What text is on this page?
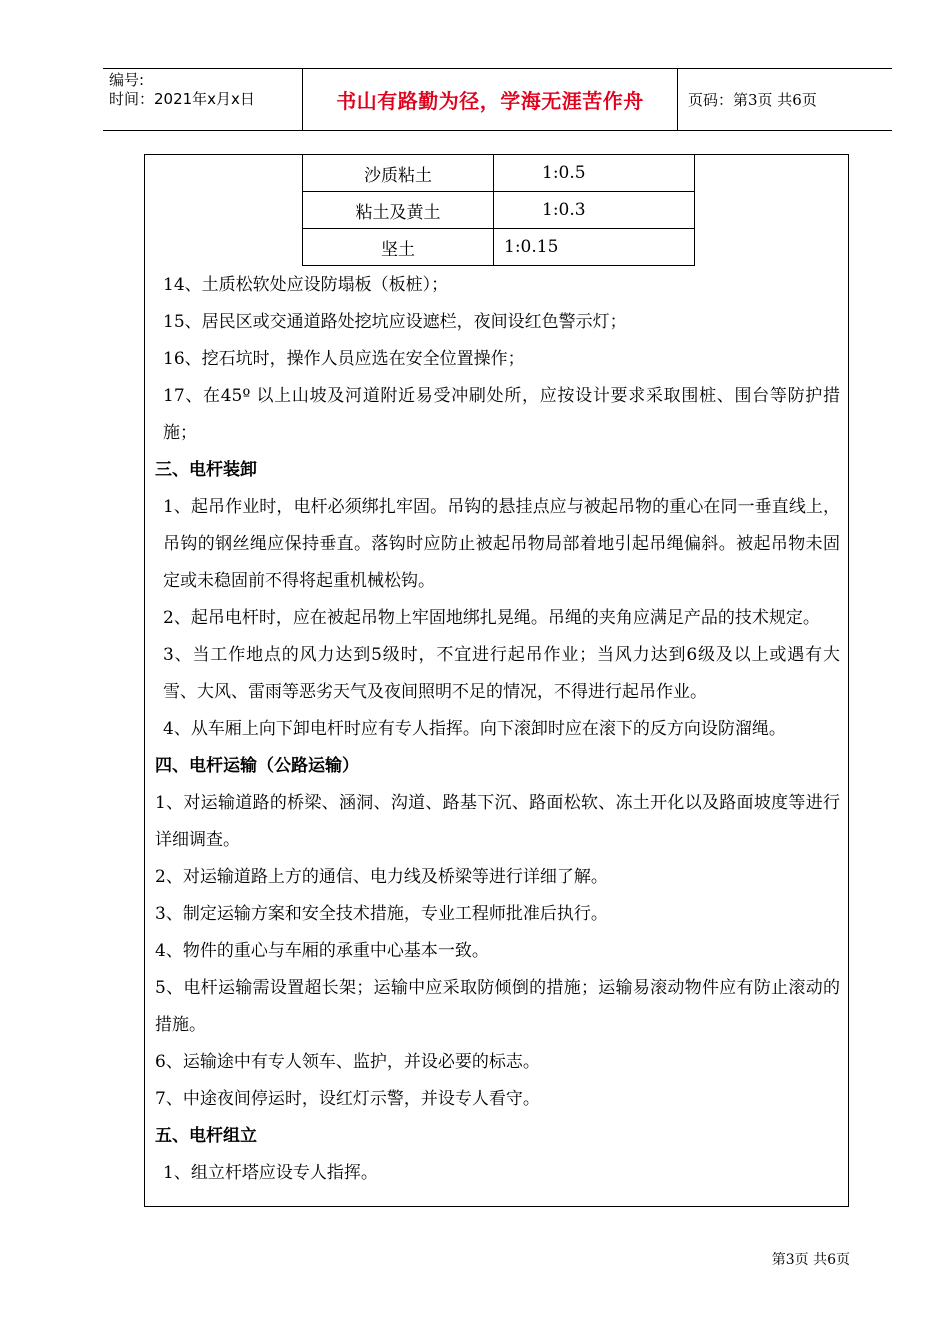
编号:
时间：2021年x月x日	书山有路勤为径，学海无涯苦作舟	页码：第3页 共6页
沙质粘土	1:0.5
粘土及黄土	1:0.3
坚土	1:0.15
14、土质松软处应设防塌板（板桩）；
15、居民区或交通道路处挖坑应设遮栏，夜间设红色警示灯；
16、挖石坑时，操作人员应选在安全位置操作；
17、在45º 以上山坡及河道附近易受冲刷处所，应按设计要求采取围桩、围台等防护措施；
三、电杆装卸
1、起吊作业时，电杆必须绑扎牢固。吊钩的悬挂点应与被起吊物的重心在同一垂直线上，吊钩的钢丝绳应保持垂直。落钩时应防止被起吊物局部着地引起吊绳偏斜。被起吊物未固定或未稳固前不得将起重机械松钩。
2、起吊电杆时，应在被起吊物上牢固地绑扎晃绳。吊绳的夹角应满足产品的技术规定。
3、当工作地点的风力达到5级时，不宜进行起吊作业；当风力达到6级及以上或遇有大雪、大风、雷雨等恶劣天气及夜间照明不足的情况，不得进行起吊作业。
4、从车厢上向下卸电杆时应有专人指挥。向下滚卸时应在滚下的反方向设防溜绳。
四、电杆运输（公路运输）
1、对运输道路的桥梁、涵洞、沟道、路基下沉、路面松软、冻土开化以及路面坡度等进行详细调查。
2、对运输道路上方的通信、电力线及桥梁等进行详细了解。
3、制定运输方案和安全技术措施，专业工程师批准后执行。
4、物件的重心与车厢的承重中心基本一致。
5、电杆运输需设置超长架；运输中应采取防倾倒的措施；运输易滚动物件应有防止滚动的措施。
6、运输途中有专人领车、监护，并设必要的标志。
7、中途夜间停运时，设红灯示警，并设专人看守。
五、电杆组立
1、组立杆塔应设专人指挥。
第3页 共6页
